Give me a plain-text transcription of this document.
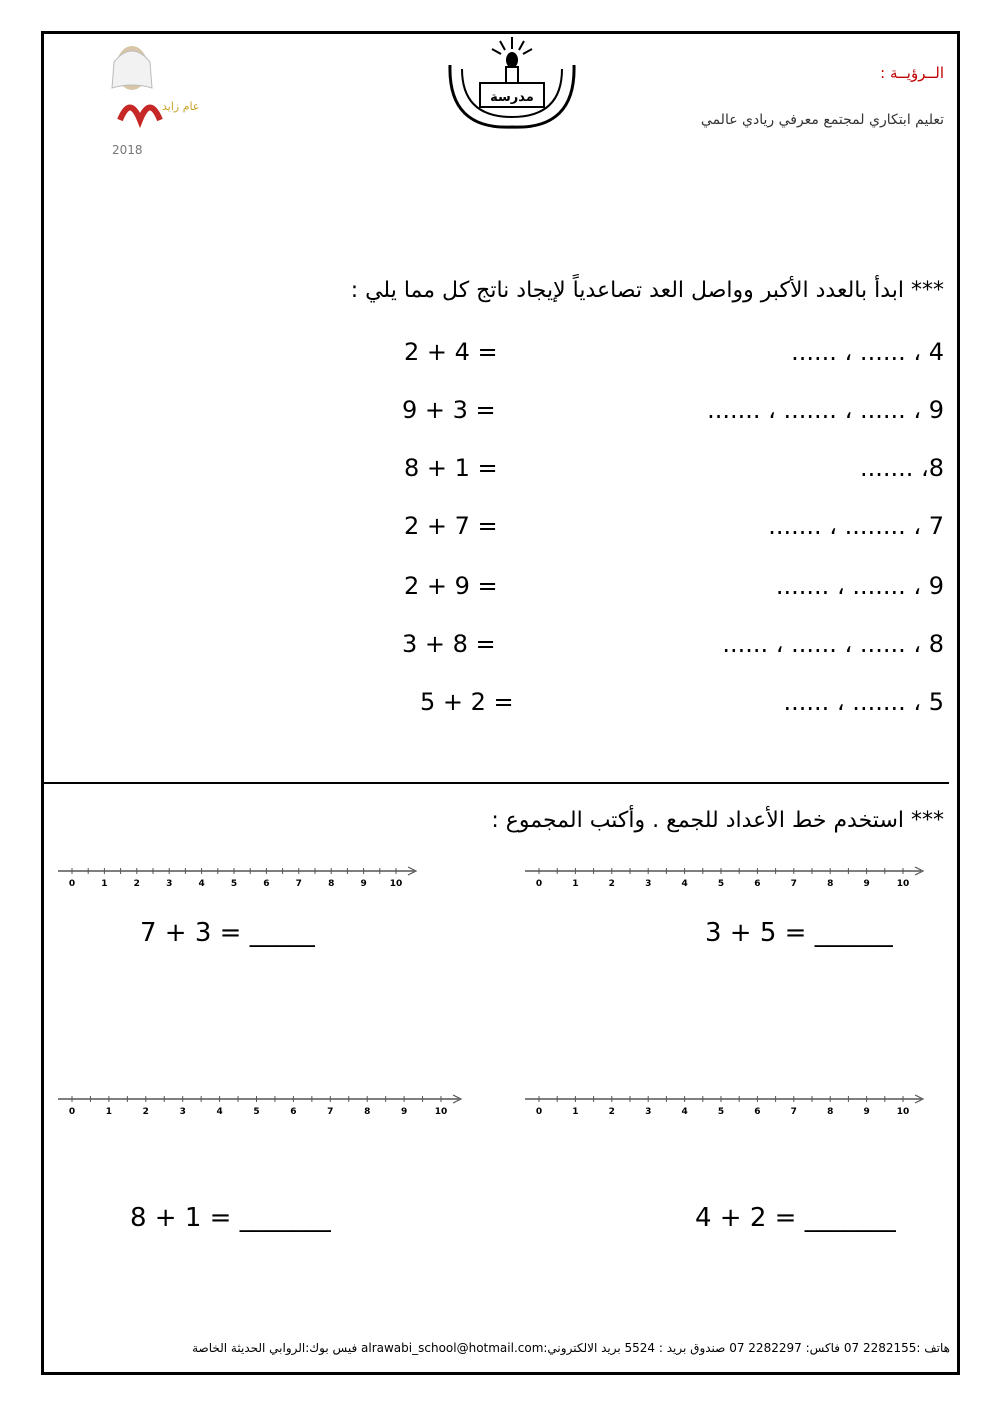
عام زايد
2018
مدرسة
الــرؤيــة :
تعليم ابتكاري لمجتمع معرفي ريادي عالمي
*** ابدأ بالعدد الأكبر وواصل العد تصاعدياً لإيجاد ناتج كل مما يلي :
2 + 4 =	4 ، ...... ، ......
9 + 3 =	9 ، ...... ، ....... ، .......
8 + 1 =	8، .......
2 + 7 =	7 ، ........ ، .......
2 + 9 =	9 ، ....... ، .......
3 + 8 =	8 ، ...... ، ...... ، ......
5 + 2 =	5 ، ....... ، ......
*** استخدم خط الأعداد للجمع . وأكتب المجموع :
0	1	2	3	4	5	6	7	8	9	10
0	1	2	3	4	5	6	7	8	9	10
0	1	2	3	4	5	6	7	8	9	10
0	1	2	3	4	5	6	7	8	9	10
3 + 5 = ______
7 + 3 = _____
4 + 2 = _______
8 + 1 = _______
هاتف :2282155 07 فاكس: 2282297 07 صندوق بريد : 5524 بريد الالكتروني:alrawabi_school@hotmail.com فيس بوك:الروابي الحديثة الخاصة
